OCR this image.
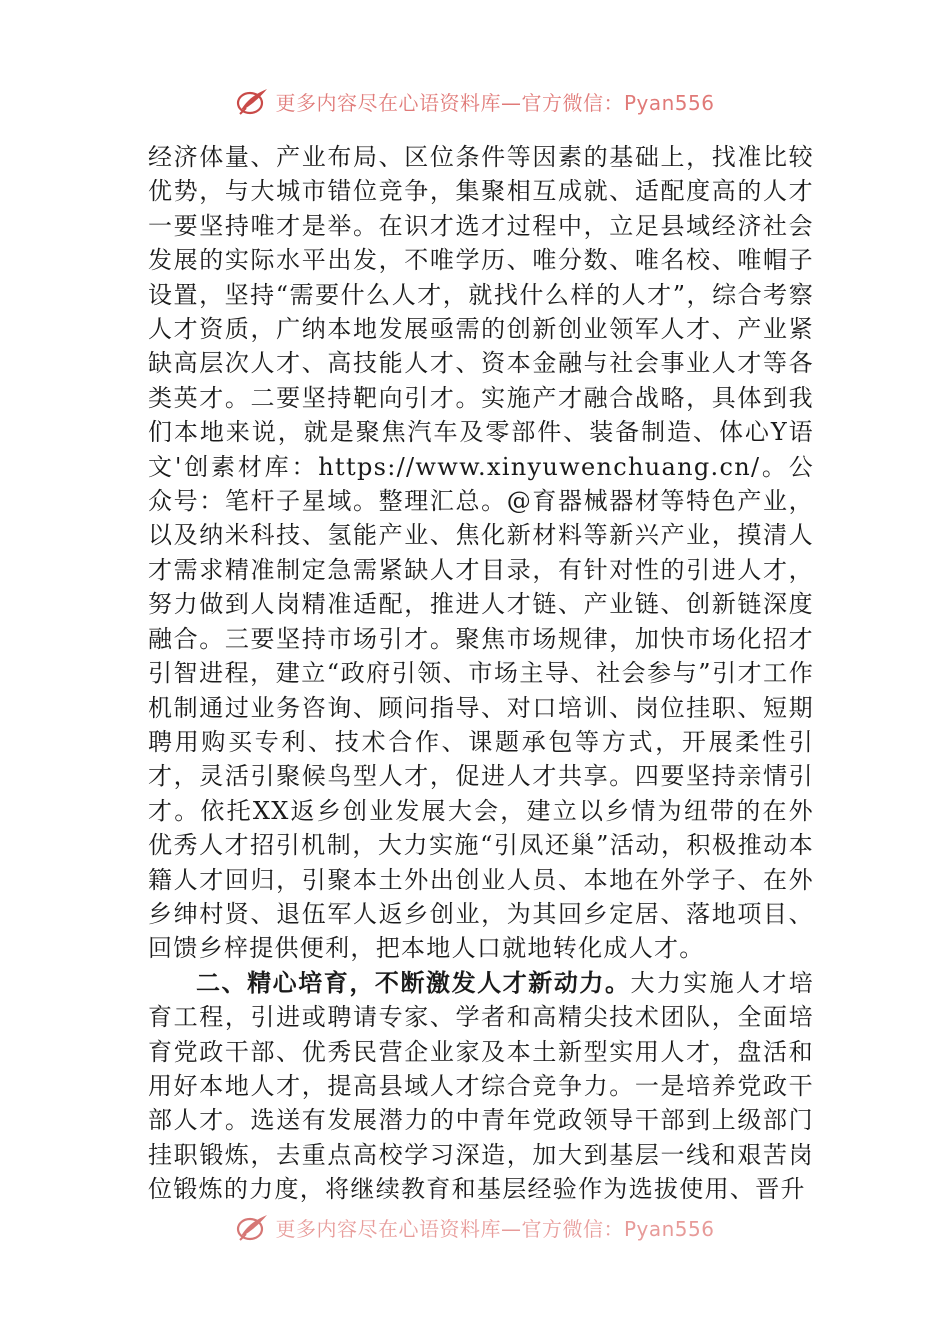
更多内容尽在心语资料库—官方微信：Pyan556

经济体量、产业布局、区位条件等因素的基础上，找准比较优势，与大城市错位竞争，集聚相互成就、适配度高的人才一要坚持唯才是举。在识才选才过程中，立足县域经济社会发展的实际水平出发，不唯学历、唯分数、唯名校、唯帽子设置，坚持“需要什么人才，就找什么样的人才”，综合考察人才资质，广纳本地发展亟需的创新创业领军人才、产业紧缺高层次人才、高技能人才、资本金融与社会事业人才等各类英才。二要坚持靶向引才。实施产才融合战略，具体到我们本地来说，就是聚焦汽车及零部件、装备制造、体心Y语文'创素材库：https://www.xinyuwenchuang.cn/。公众号：笔杆子星域。整理汇总。@育器械器材等特色产业，以及纳米科技、氢能产业、焦化新材料等新兴产业，摸清人才需求精准制定急需紧缺人才目录，有针对性的引进人才，努力做到人岗精准适配，推进人才链、产业链、创新链深度融合。三要坚持市场引才。聚焦市场规律，加快市场化招才引智进程，建立“政府引领、市场主导、社会参与”引才工作机制通过业务咨询、顾问指导、对口培训、岗位挂职、短期聘用购买专利、技术合作、课题承包等方式，开展柔性引才，灵活引聚候鸟型人才，促进人才共享。四要坚持亲情引才。依托XX返乡创业发展大会，建立以乡情为纽带的在外优秀人才招引机制，大力实施“引凤还巢”活动，积极推动本籍人才回归，引聚本土外出创业人员、本地在外学子、在外乡绅村贤、退伍军人返乡创业，为其回乡定居、落地项目、回馈乡梓提供便利，把本地人口就地转化成人才。

二、精心培育，不断激发人才新动力。大力实施人才培育工程，引进或聘请专家、学者和高精尖技术团队，全面培育党政干部、优秀民营企业家及本土新型实用人才，盘活和用好本地人才，提高县域人才综合竞争力。一是培养党政干部人才。选送有发展潜力的中青年党政领导干部到上级部门挂职锻炼，去重点高校学习深造，加大到基层一线和艰苦岗位锻炼的力度，将继续教育和基层经验作为选拔使用、晋升

更多内容尽在心语资料库—官方微信：Pyan556
